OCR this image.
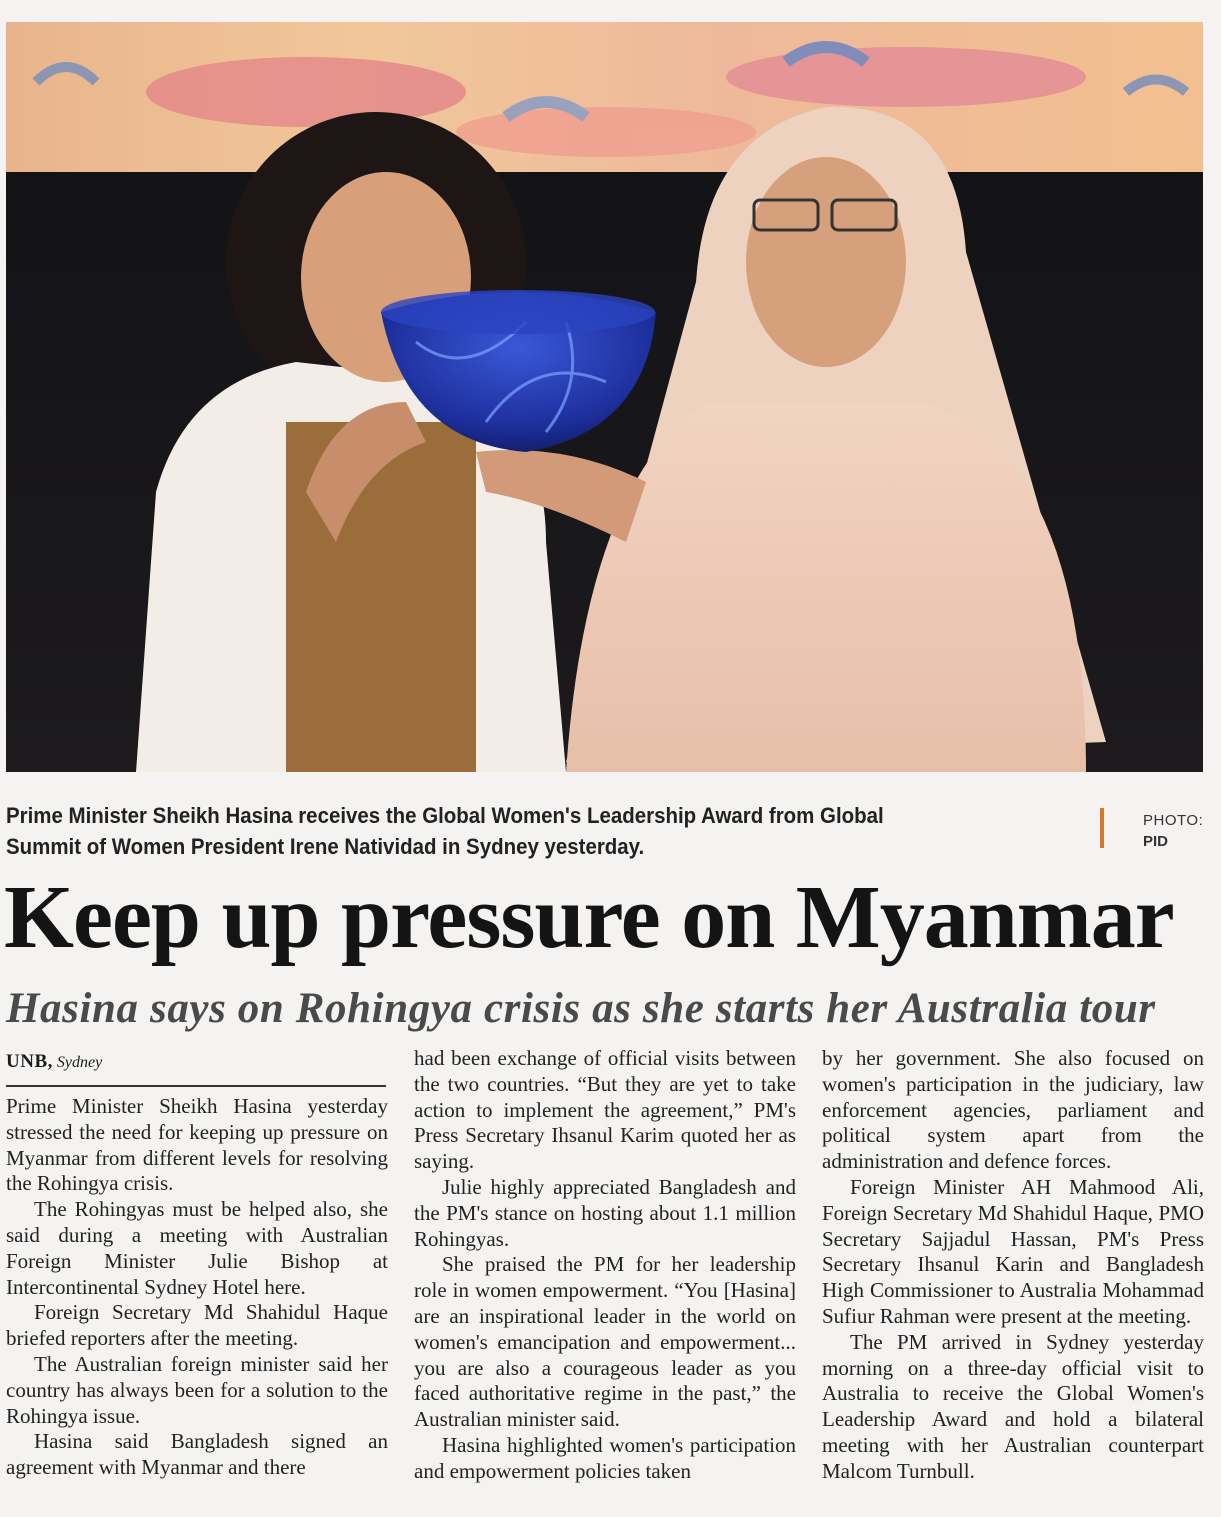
Prime Minister Sheikh Hasina receives the Global Women's Leadership Award from Global
Summit of Women President Irene Natividad in Sydney yesterday.
PHOTO:
PID
Keep up pressure on Myanmar
Hasina says on Rohingya crisis as she starts her Australia tour
UNB, Sydney

Prime Minister Sheikh Hasina yesterday stressed the need for keeping up pressure on Myanmar from different levels for resolving the Rohingya crisis.

The Rohingyas must be helped also, she said during a meeting with Australian Foreign Minister Julie Bishop at Intercontinental Sydney Hotel here.

Foreign Secretary Md Shahidul Haque briefed reporters after the meeting.

The Australian foreign minister said her country has always been for a solution to the Rohingya issue.

Hasina said Bangladesh signed an agreement with Myanmar and there

had been exchange of official visits between the two countries. “But they are yet to take action to implement the agreement,” PM's Press Secretary Ihsanul Karim quoted her as saying.

Julie highly appreciated Bangladesh and the PM's stance on hosting about 1.1 million Rohingyas.

She praised the PM for her leadership role in women empowerment. “You [Hasina] are an inspirational leader in the world on women's emancipation and empowerment... you are also a courageous leader as you faced authoritative regime in the past,” the Australian minister said.

Hasina highlighted women's participation and empowerment policies taken

by her government. She also focused on women's participation in the judiciary, law enforcement agencies, parliament and political system apart from the administration and defence forces.

Foreign Minister AH Mahmood Ali, Foreign Secretary Md Shahidul Haque, PMO Secretary Sajjadul Hassan, PM's Press Secretary Ihsanul Karin and Bangladesh High Commissioner to Australia Mohammad Sufiur Rahman were present at the meeting.

The PM arrived in Sydney yesterday morning on a three-day official visit to Australia to receive the Global Women's Leadership Award and hold a bilateral meeting with her Australian counterpart Malcom Turnbull.
